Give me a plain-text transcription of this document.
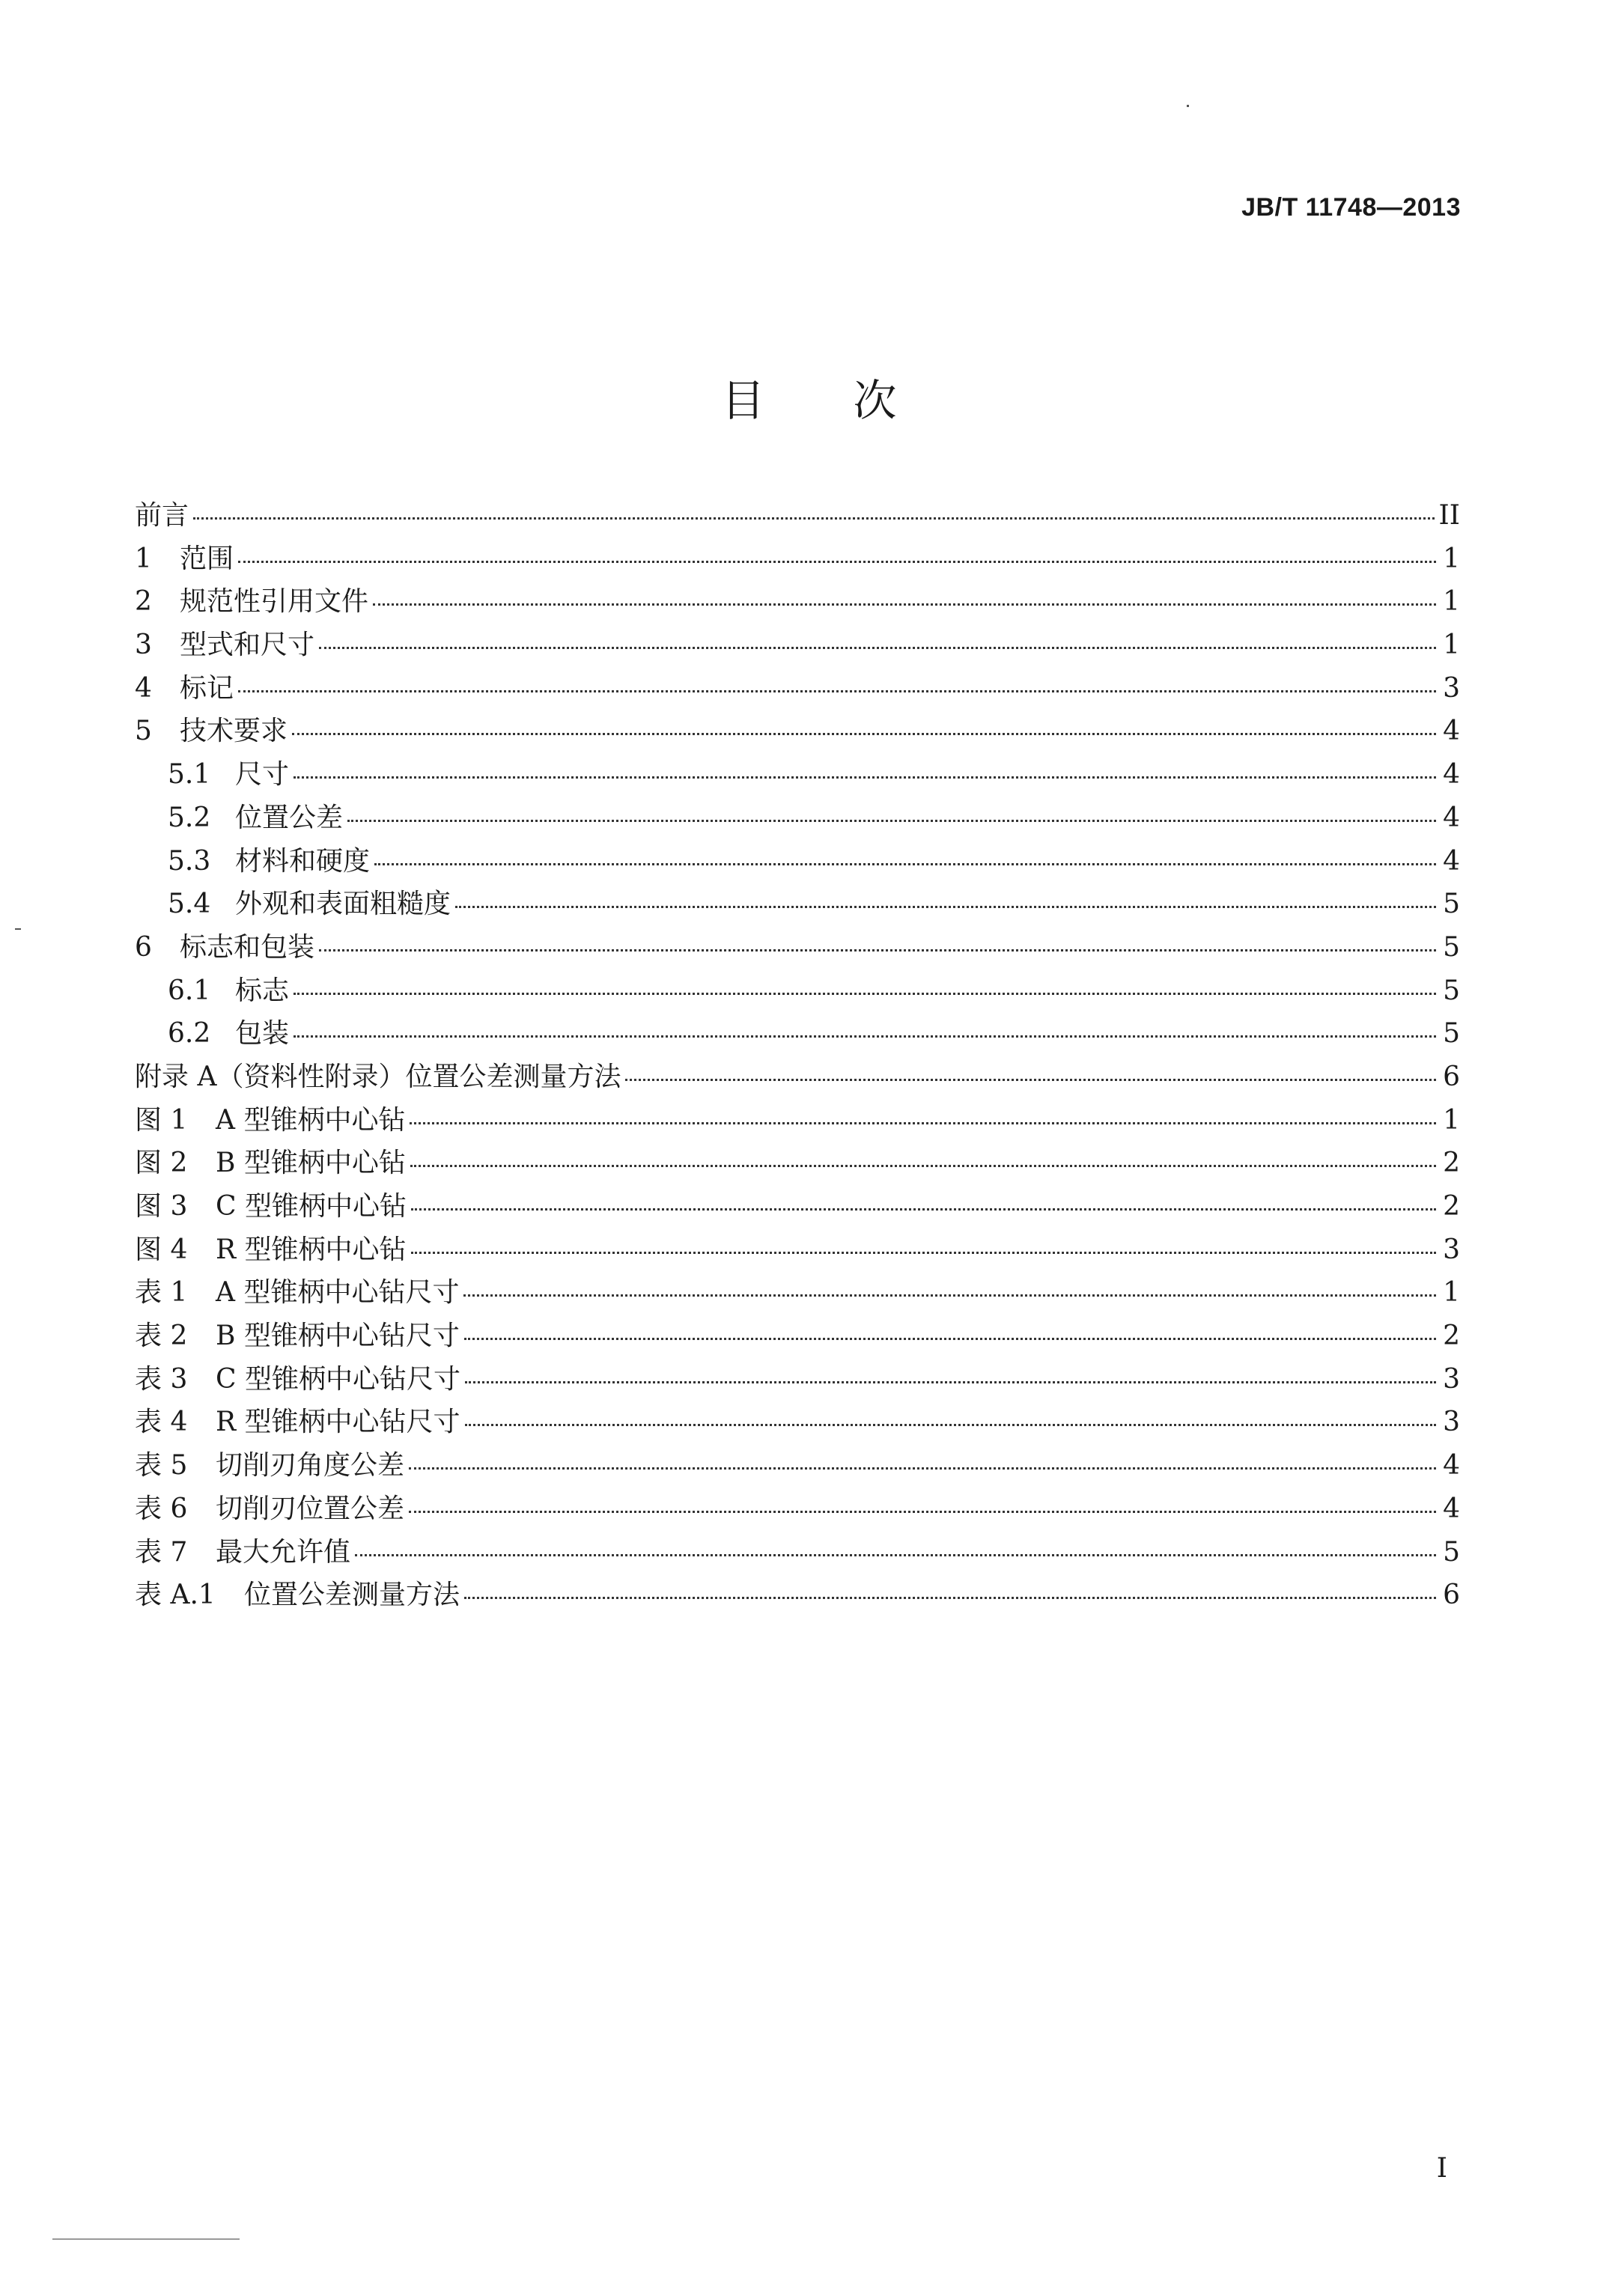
JB/T 11748—2013
目次
前言	II
1	范围	1
2	规范性引用文件	1
3	型式和尺寸	1
4	标记	3
5	技术要求	4
5.1 尺寸	4
5.2 位置公差	4
5.3 材料和硬度	4
5.4 外观和表面粗糙度	5
6	标志和包装	5
6.1 标志	5
6.2 包装	5
附录 A（资料性附录）位置公差测量方法	6
图 1	A 型锥柄中心钻	1
图 2	B 型锥柄中心钻	2
图 3	C 型锥柄中心钻	2
图 4	R 型锥柄中心钻	3
表 1	A 型锥柄中心钻尺寸	1
表 2	B 型锥柄中心钻尺寸	2
表 3	C 型锥柄中心钻尺寸	3
表 4	R 型锥柄中心钻尺寸	3
表 5	切削刃角度公差	4
表 6	切削刃位置公差	4
表 7	最大允许值	5
表 A.1	位置公差测量方法	6
I
